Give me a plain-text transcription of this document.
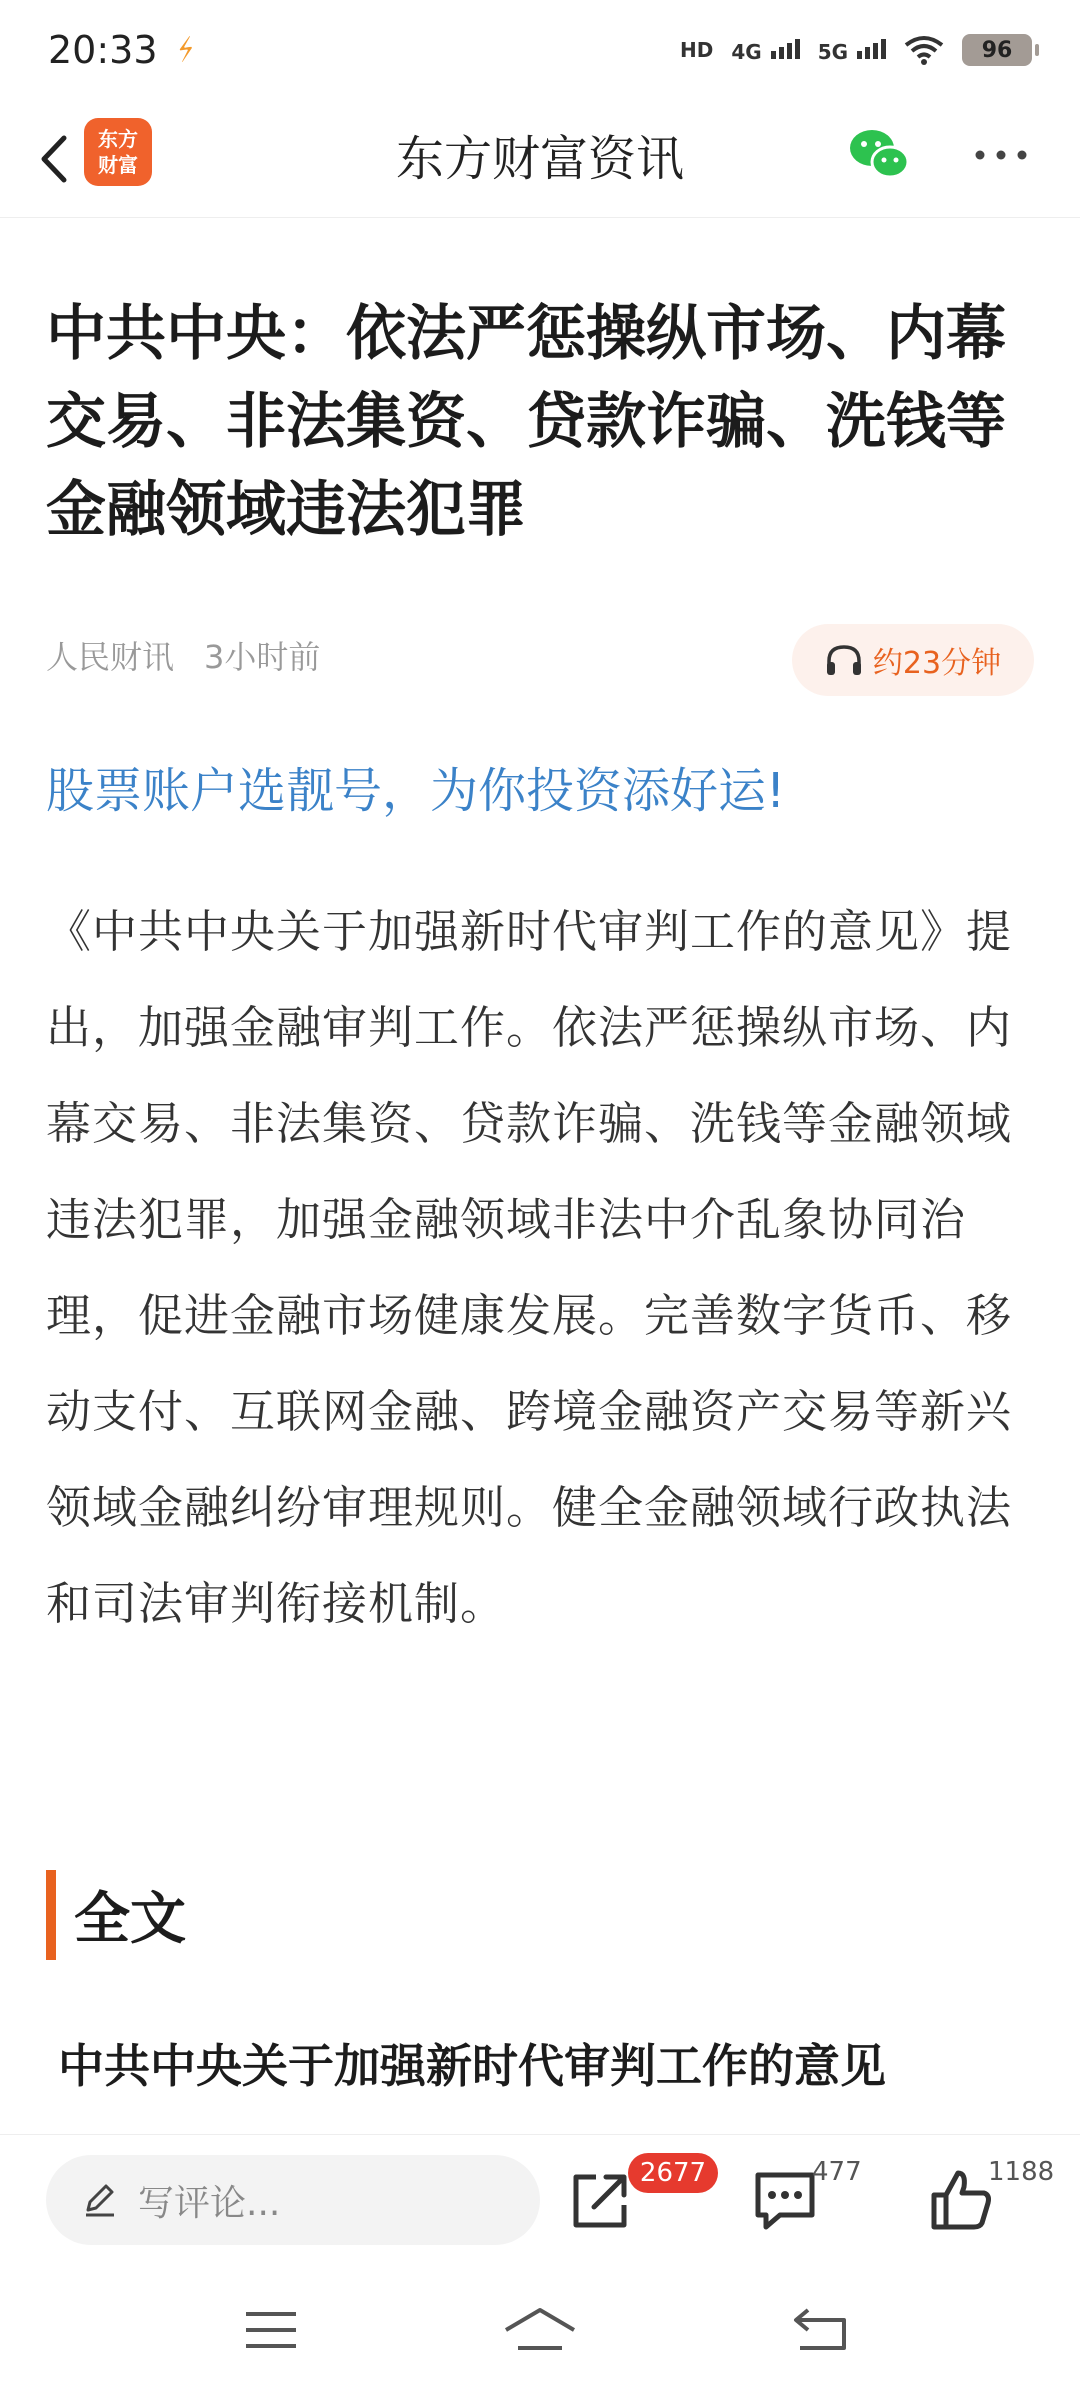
20:33 ⚡	HD 4G	5G	96
东方
财富	东方财富资讯
中共中央：依法严惩操纵市场、内幕交易、非法集资、贷款诈骗、洗钱等金融领域违法犯罪
人民财讯 3小时前	约23分钟
股票账户选靓号，为你投资添好运!

《中共中央关于加强新时代审判工作的意见》提出，加强金融审判工作。依法严惩操纵市场、内幕交易、非法集资、贷款诈骗、洗钱等金融领域违法犯罪，加强金融领域非法中介乱象协同治理，促进金融市场健康发展。完善数字货币、移动支付、互联网金融、跨境金融资产交易等新兴领域金融纠纷审理规则。健全金融领域行政执法和司法审判衔接机制。

全文
中共中央关于加强新时代审判工作的意见
写评论...
2677	477	1188
